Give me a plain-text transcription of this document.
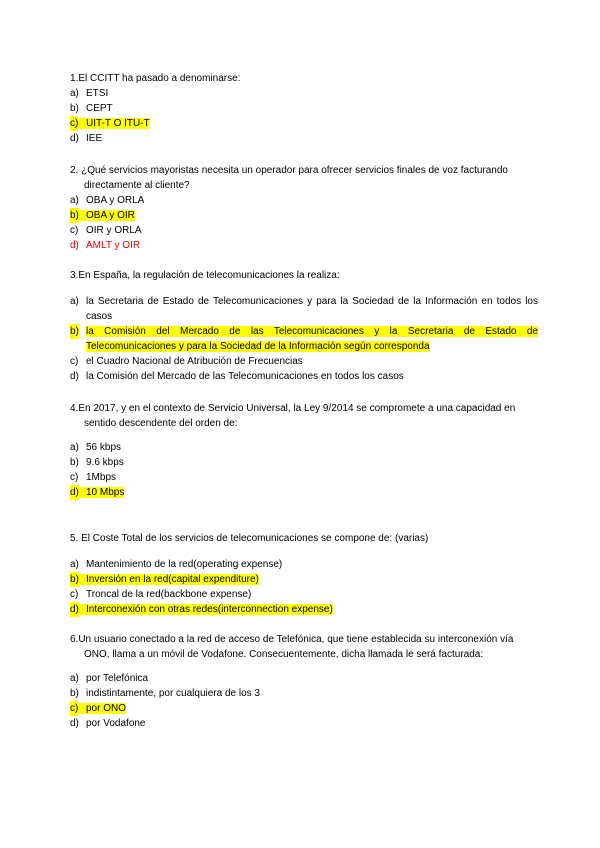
1.El CCITT ha pasado a denominarse:
a) ETSI
b) CEPT
c) UIT-T O ITU-T
d) IEE
2. ¿Qué servicios mayoristas necesita un operador para ofrecer servicios finales de voz facturando
directamente al cliente?
a) OBA y ORLA
b) OBA y OIR
c) OIR y ORLA
d) AMLT y OIR
3.En España, la regulación de telecomunicaciones la realiza:
a) la Secretaria de Estado de Telecomunicaciones y para la Sociedad de la Información en todos los casos
b) la Comisión del Mercado de las Telecomunicaciones y la Secretaria de Estado de Telecomunicaciones y para la Sociedad de la Información según corresponda
c) el Cuadro Nacional de Atribución de Frecuencias
d) la Comisión del Mercado de las Telecomunicaciones en todos los casos
4.En 2017, y en el contexto de Servicio Universal, la Ley 9/2014 se compromete a una capacidad en
sentido descendente del orden de:
a) 56 kbps
b) 9.6 kbps
c) 1Mbps
d) 10 Mbps
5. El Coste Total de los servicios de telecomunicaciones se compone de: (varias)
a) Mantenimiento de la red(operating expense)
b) Inversión en la red(capital expenditure)
c) Troncal de la red(backbone expense)
d) Interconexión con otras redes(interconnection expense)
6.Un usuario conectado a la red de acceso de Telefónica, que tiene establecida su interconexión vía
ONO, llama a un móvil de Vodafone. Consecuentemente, dicha llamada le será facturada:
a) por Telefónica
b) indistintamente, por cualquiera de los 3
c) por ONO
d) por Vodafone
